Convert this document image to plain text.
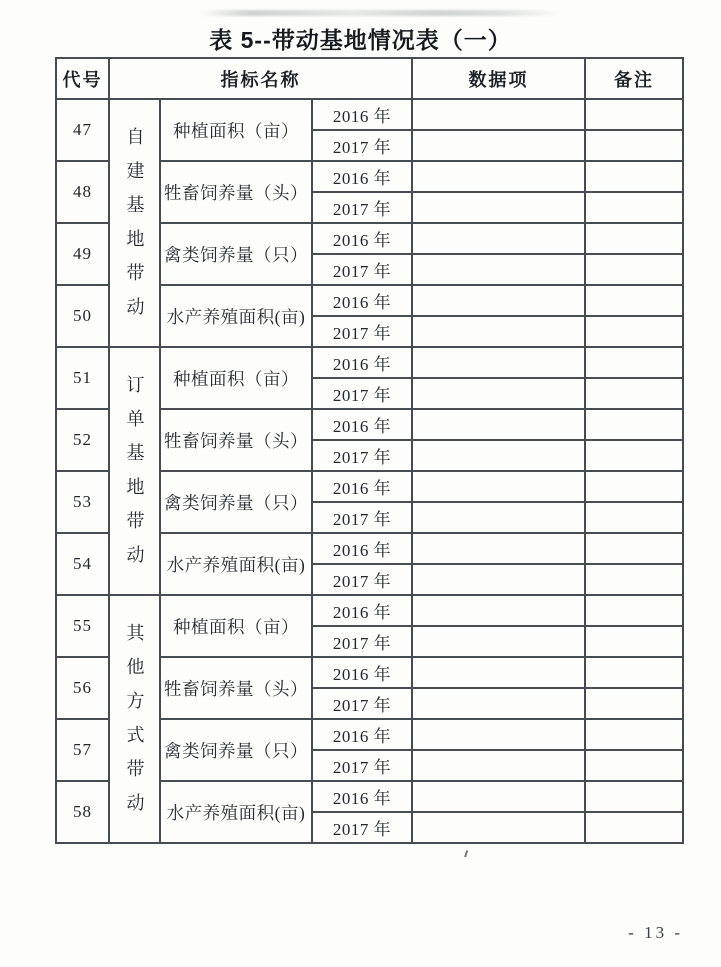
表 5--带动基地情况表（一）
代号	指标名称			数据项	备注
47	自建基地带动	种植面积（亩）	2016 年		
			2017 年		
48		牲畜饲养量（头）	2016 年		
			2017 年		
49		禽类饲养量（只）	2016 年		
			2017 年		
50		水产养殖面积(亩)	2016 年		
			2017 年		
51	订单基地带动	种植面积（亩）	2016 年		
			2017 年		
52		牲畜饲养量（头）	2016 年		
			2017 年		
53		禽类饲养量（只）	2016 年		
			2017 年		
54		水产养殖面积(亩)	2016 年		
			2017 年		
55	其他方式带动	种植面积（亩）	2016 年		
			2017 年		
56		牲畜饲养量（头）	2016 年		
			2017 年		
57		禽类饲养量（只）	2016 年		
			2017 年		
58		水产养殖面积(亩)	2016 年		
			2017 年		
- 13 -
